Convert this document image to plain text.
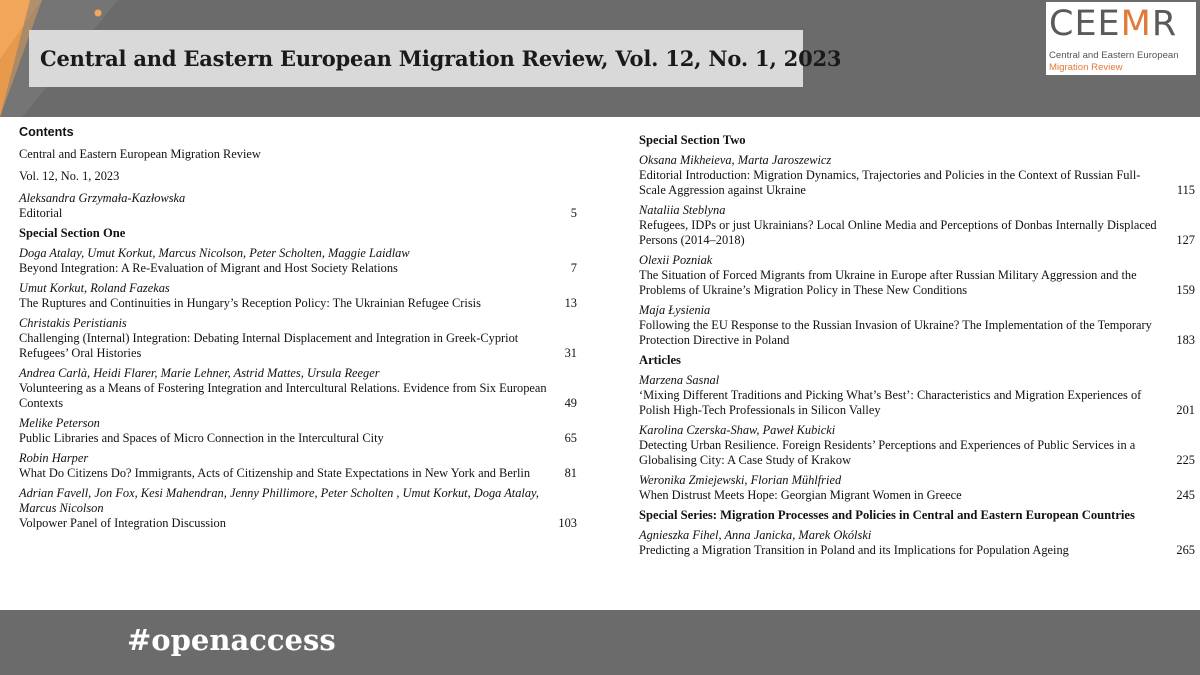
Central and Eastern European Migration Review, Vol. 12, No. 1, 2023
CEEMR
Central and Eastern European
Migration Review
Contents
Central and Eastern European Migration Review
Vol. 12, No. 1, 2023
Aleksandra Grzymała-Kazłowska
Editorial	5
Special Section One
Doga Atalay, Umut Korkut, Marcus Nicolson, Peter Scholten, Maggie Laidlaw
Beyond Integration: A Re-Evaluation of Migrant and Host Society Relations	7
Umut Korkut, Roland Fazekas
The Ruptures and Continuities in Hungary’s Reception Policy: The Ukrainian Refugee Crisis	13
Christakis Peristianis
Challenging (Internal) Integration: Debating Internal Displacement and Integration in Greek-Cypriot Refugees’ Oral Histories	31
Andrea Carlà, Heidi Flarer, Marie Lehner, Astrid Mattes, Ursula Reeger
Volunteering as a Means of Fostering Integration and Intercultural Relations. Evidence from Six European Contexts	49
Melike Peterson
Public Libraries and Spaces of Micro Connection in the Intercultural City	65
Robin Harper
What Do Citizens Do? Immigrants, Acts of Citizenship and State Expectations in New York and Berlin	81
Adrian Favell, Jon Fox, Kesi Mahendran, Jenny Phillimore, Peter Scholten , Umut Korkut, Doga Atalay, Marcus Nicolson
Volpower Panel of Integration Discussion	103
Special Section Two
Oksana Mikheieva, Marta Jaroszewicz
Editorial Introduction: Migration Dynamics, Trajectories and Policies in the Context of Russian Full-Scale Aggression against Ukraine	115
Nataliia Steblyna
Refugees, IDPs or just Ukrainians? Local Online Media and Perceptions of Donbas Internally Displaced Persons (2014–2018)	127
Olexii Pozniak
The Situation of Forced Migrants from Ukraine in Europe after Russian Military Aggression and the Problems of Ukraine’s Migration Policy in These New Conditions	159
Maja Łysienia
Following the EU Response to the Russian Invasion of Ukraine? The Implementation of the Temporary Protection Directive in Poland	183
Articles
Marzena Sasnal
‘Mixing Different Traditions and Picking What’s Best’: Characteristics and Migration Experiences of Polish High-Tech Professionals in Silicon Valley	201
Karolina Czerska-Shaw, Paweł Kubicki
Detecting Urban Resilience. Foreign Residents’ Perceptions and Experiences of Public Services in a Globalising City: A Case Study of Krakow	225
Weronika Zmiejewski, Florian Mühlfried
When Distrust Meets Hope: Georgian Migrant Women in Greece	245
Special Series: Migration Processes and Policies in Central and Eastern European Countries
Agnieszka Fihel, Anna Janicka, Marek Okólski
Predicting a Migration Transition in Poland and its Implications for Population Ageing	265
#openaccess
